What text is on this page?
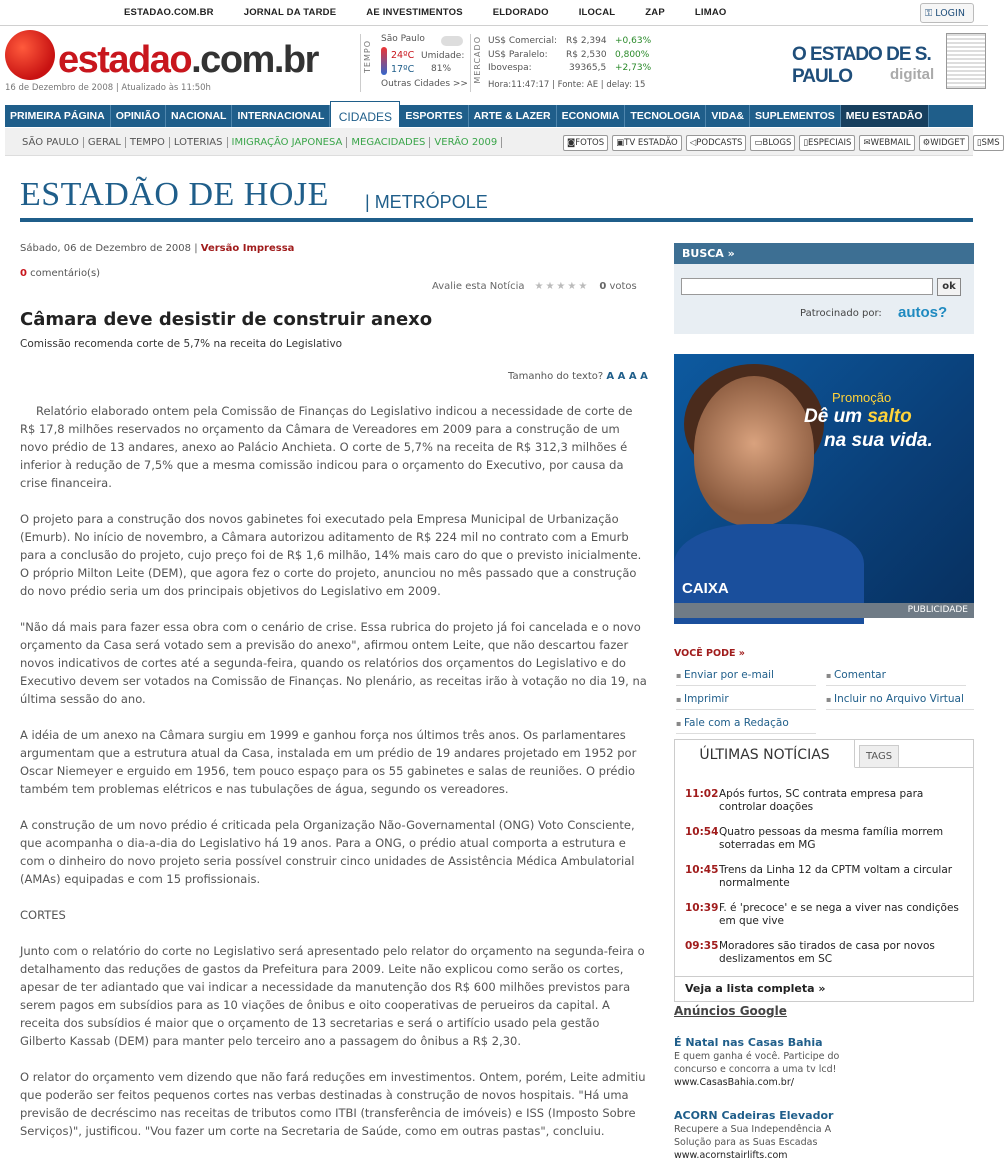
ESTADAO.COM.BR	JORNAL DA TARDE	AE INVESTIMENTOS	ELDORADO	ILOCAL	ZAP	LIMAO	⚿ LOGIN
estadao.com.br
16 de Dezembro de 2008 | Atualizado às 11:50h
TEMPO
São Paulo
24ºC
17ºC
Umidade:
81%
Outras Cidades >>
MERCADO US$ Comercial: R$ 2,394 +0,63%
US$ Paralelo: R$ 2,530 0,800%
Ibovespa:	39365,5 +2,73%
Hora:11:47:17 | Fonte: AE | delay: 15
O ESTADO DE S. PAULO	digital
PRIMEIRA PÁGINA	OPINIÃO	NACIONAL	INTERNACIONAL	CIDADES	ESPORTES	ARTE & LAZER	ECONOMIA	TECNOLOGIA	VIDA&	SUPLEMENTOS	MEU ESTADÃO
SÃO PAULO GERAL TEMPO LOTERIAS IMIGRAÇÃO JAPONESA MEGACIDADES VERÃO 2009	◙FOTOS	▣TV ESTADÃO	◁PODCASTS	▭BLOGS	▯ESPECIAIS	✉WEBMAIL	⚙WIDGET	▯SMS
ESTADÃO DE HOJE | METRÓPOLE
Sábado, 06 de Dezembro de 2008 | Versão Impressa
0 comentário(s)
Avalie esta Notícia ★★★★★ 0 votos
Câmara deve desistir de construir anexo
Comissão recomenda corte de 5,7% na receita do Legislativo
Tamanho do texto? A A A A

Relatório elaborado ontem pela Comissão de Finanças do Legislativo indicou a necessidade de corte de R$ 17,8 milhões reservados no orçamento da Câmara de Vereadores em 2009 para a construção de um novo prédio de 13 andares, anexo ao Palácio Anchieta. O corte de 5,7% na receita de R$ 312,3 milhões é inferior à redução de 7,5% que a mesma comissão indicou para o orçamento do Executivo, por causa da crise financeira.

O projeto para a construção dos novos gabinetes foi executado pela Empresa Municipal de Urbanização (Emurb). No início de novembro, a Câmara autorizou aditamento de R$ 224 mil no contrato com a Emurb para a conclusão do projeto, cujo preço foi de R$ 1,6 milhão, 14% mais caro do que o previsto inicialmente. O próprio Milton Leite (DEM), que agora fez o corte do projeto, anunciou no mês passado que a construção do novo prédio seria um dos principais objetivos do Legislativo em 2009.

"Não dá mais para fazer essa obra com o cenário de crise. Essa rubrica do projeto já foi cancelada e o novo orçamento da Casa será votado sem a previsão do anexo", afirmou ontem Leite, que não descartou fazer novos indicativos de cortes até a segunda-feira, quando os relatórios dos orçamentos do Legislativo e do Executivo devem ser votados na Comissão de Finanças. No plenário, as receitas irão à votação no dia 19, na última sessão do ano.

A idéia de um anexo na Câmara surgiu em 1999 e ganhou força nos últimos três anos. Os parlamentares argumentam que a estrutura atual da Casa, instalada em um prédio de 19 andares projetado em 1952 por Oscar Niemeyer e erguido em 1956, tem pouco espaço para os 55 gabinetes e salas de reuniões. O prédio também tem problemas elétricos e nas tubulações de água, segundo os vereadores.

A construção de um novo prédio é criticada pela Organização Não-Governamental (ONG) Voto Consciente, que acompanha o dia-a-dia do Legislativo há 19 anos. Para a ONG, o prédio atual comporta a estrutura e com o dinheiro do novo projeto seria possível construir cinco unidades de Assistência Médica Ambulatorial (AMAs) equipadas e com 15 profissionais.

CORTES

Junto com o relatório do corte no Legislativo será apresentado pelo relator do orçamento na segunda-feira o detalhamento das reduções de gastos da Prefeitura para 2009. Leite não explicou como serão os cortes, apesar de ter adiantado que vai indicar a necessidade da manutenção dos R$ 600 milhões previstos para serem pagos em subsídios para as 10 viações de ônibus e oito cooperativas de perueiros da capital. A receita dos subsídios é maior que o orçamento de 13 secretarias e será o artifício usado pela gestão Gilberto Kassab (DEM) para manter pelo terceiro ano a passagem do ônibus a R$ 2,30.

O relator do orçamento vem dizendo que não fará reduções em investimentos. Ontem, porém, Leite admitiu que poderão ser feitos pequenos cortes nas verbas destinadas à construção de novos hospitais. "Há uma previsão de decréscimo nas receitas de tributos como ITBI (transferência de imóveis) e ISS (Imposto Sobre Serviços)", justificou. "Vou fazer um corte na Secretaria de Saúde, como em outras pastas", concluiu.

BUSCA »
ok
Patrocinado por: autos?
CAIXA
Promoção
Dê um salto
na sua vida.
PUBLICIDADE
VOCÊ PODE »
▪ Enviar por e-mail	▪ Comentar
▪ Imprimir	▪ Incluir no Arquivo Virtual
▪ Fale com a Redação
ÚLTIMAS NOTÍCIAS	TAGS
11:02 Após furtos, SC contrata empresa para controlar doações
10:54 Quatro pessoas da mesma família morrem soterradas em MG
10:45 Trens da Linha 12 da CPTM voltam a circular normalmente
10:39 F. é 'precoce' e se nega a viver nas condições em que vive
09:35 Moradores são tirados de casa por novos deslizamentos em SC
Veja a lista completa »
Anúncios Google
É Natal nas Casas Bahia
E quem ganha é você. Participe do concurso e concorra a uma tv lcd!
www.CasasBahia.com.br/
ACORN Cadeiras Elevador
Recupere a Sua Independência A Solução para as Suas Escadas
www.acornstairlifts.com
